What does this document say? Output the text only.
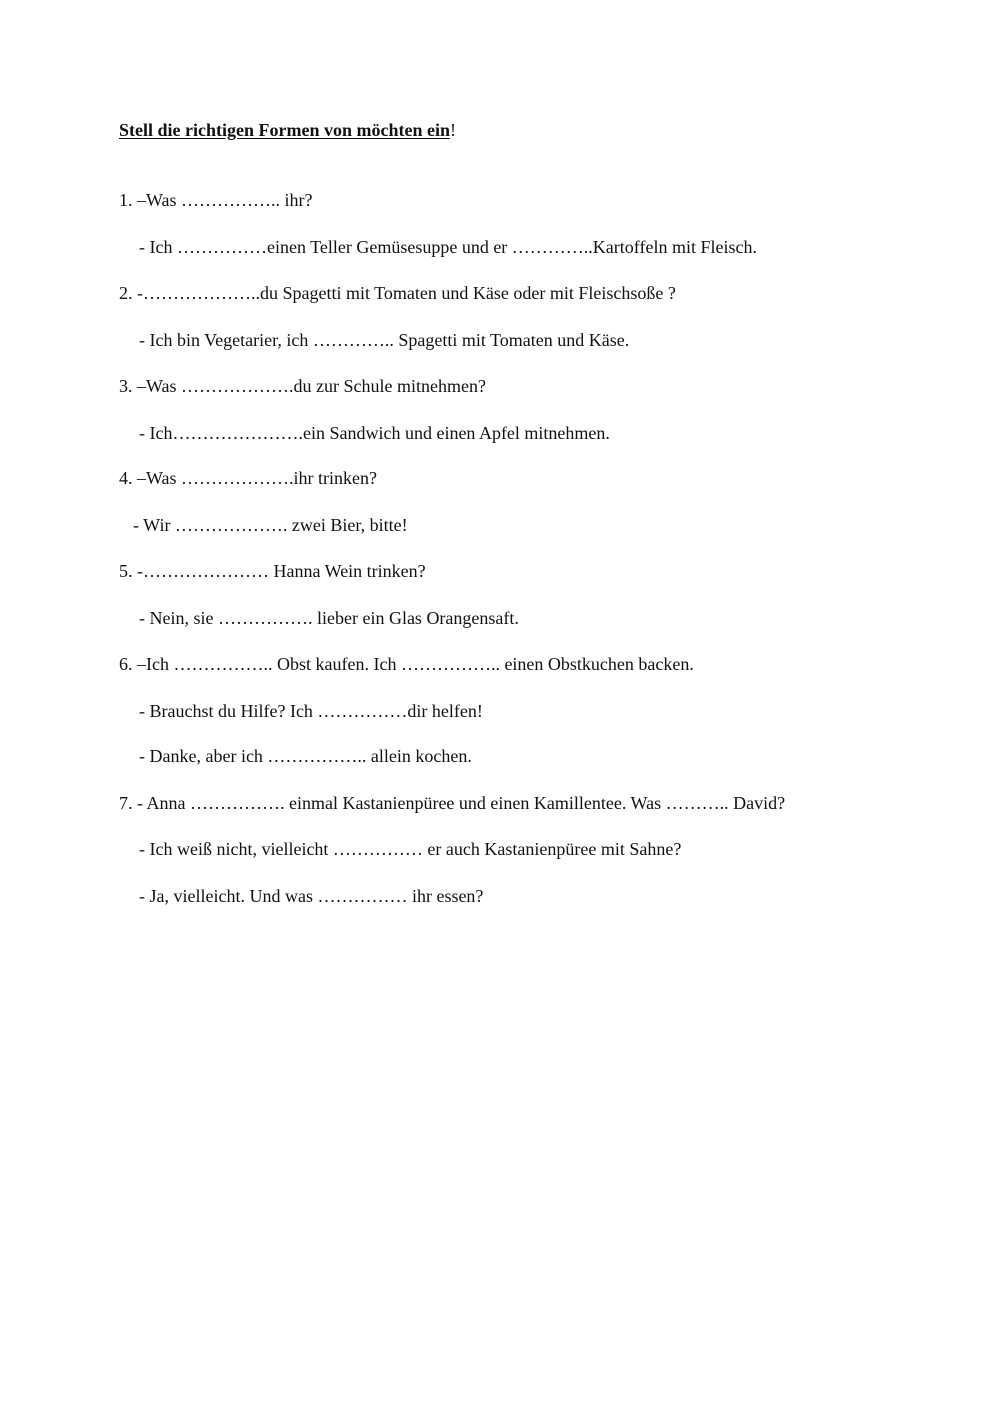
Stell die richtigen Formen von möchten ein!
1. –Was …………….. ihr?
- Ich ……………einen Teller Gemüsesuppe und er …………..Kartoffeln mit Fleisch.
2. -………………..du Spagetti mit Tomaten und Käse oder mit Fleischsoße ?
- Ich bin Vegetarier, ich ………….. Spagetti mit Tomaten und Käse.
3. –Was ……………….du zur Schule mitnehmen?
- Ich………………….ein Sandwich und einen Apfel mitnehmen.
4. –Was ……………….ihr trinken?
- Wir ………………. zwei Bier, bitte!
5. -………………… Hanna Wein trinken?
- Nein, sie ……………. lieber ein Glas Orangensaft.
6. –Ich …………….. Obst kaufen. Ich …………….. einen Obstkuchen backen.
- Brauchst du Hilfe? Ich ……………dir helfen!
- Danke, aber ich …………….. allein kochen.
7. - Anna ……………. einmal Kastanienpüree und einen Kamillentee. Was ……….. David?
- Ich weiß nicht, vielleicht …………… er auch Kastanienpüree mit Sahne?
- Ja, vielleicht. Und was …………… ihr essen?
